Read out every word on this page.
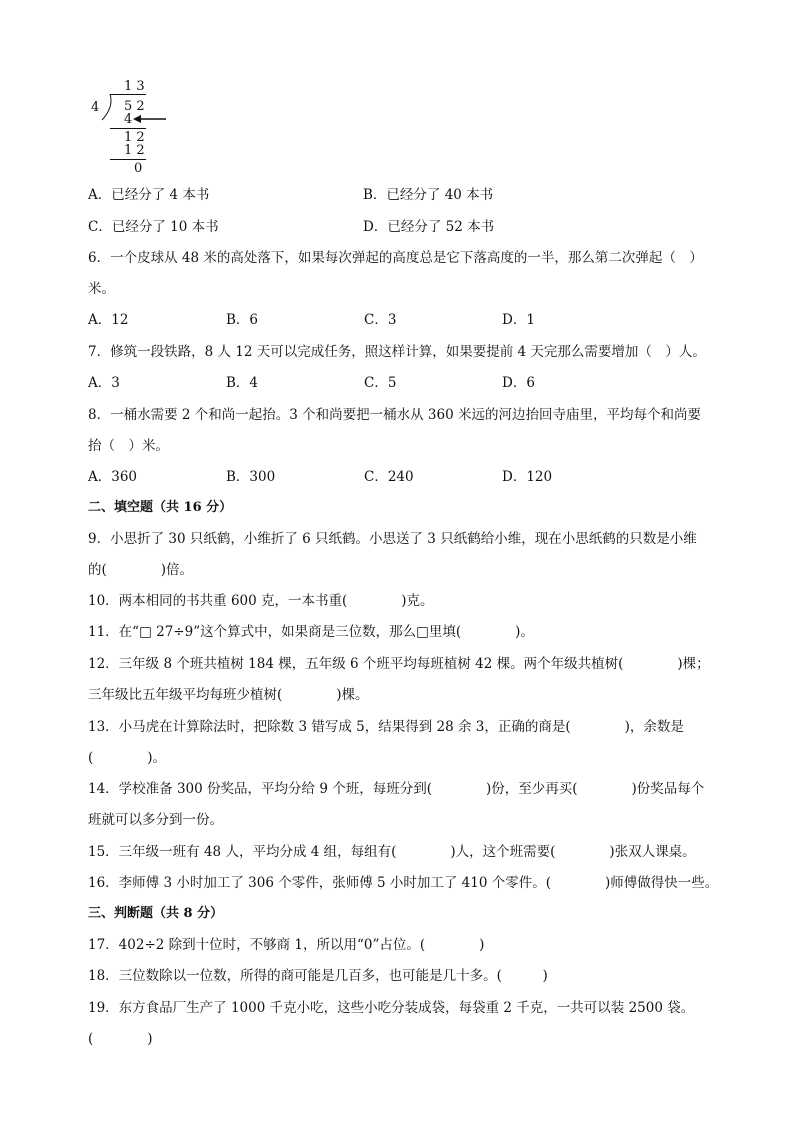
1 3
4 5 2
4
1 2
1 2
0
A．已经分了 4 本书	B．已经分了 40 本书
C．已经分了 10 本书	D．已经分了 52 本书
6．一个皮球从 48 米的高处落下，如果每次弹起的高度总是它下落高度的一半，那么第二次弹起（　）
米。
A．12	B．6	C．3	D．1
7．修筑一段铁路，8 人 12 天可以完成任务，照这样计算，如果要提前 4 天完那么需要增加（　）人。
A．3	B．4	C．5	D．6
8．一桶水需要 2 个和尚一起抬。3 个和尚要把一桶水从 360 米远的河边抬回寺庙里，平均每个和尚要
抬（　）米。
A．360	B．300	C．240	D．120
二、填空题（共 16 分）
9．小思折了 30 只纸鹤，小维折了 6 只纸鹤。小思送了 3 只纸鹤给小维，现在小思纸鹤的只数是小维
的(　　　　)倍。
10．两本相同的书共重 600 克，一本书重(　　　　)克。
11．在“□ 27÷9”这个算式中，如果商是三位数，那么□里填(　　　　)。
12．三年级 8 个班共植树 184 棵，五年级 6 个班平均每班植树 42 棵。两个年级共植树(　　　　)棵；
三年级比五年级平均每班少植树(　　　　)棵。
13．小马虎在计算除法时，把除数 3 错写成 5，结果得到 28 余 3，正确的商是(　　　　)，余数是
(　　　　)。
14．学校准备 300 份奖品，平均分给 9 个班，每班分到(　　　　)份，至少再买(　　　　)份奖品每个
班就可以多分到一份。
15．三年级一班有 48 人，平均分成 4 组，每组有(　　　　)人，这个班需要(　　　　)张双人课桌。
16．李师傅 3 小时加工了 306 个零件，张师傅 5 小时加工了 410 个零件。(　　　　)师傅做得快一些。
三、判断题（共 8 分）
17．402÷2 除到十位时，不够商 1，所以用“0”占位。(　　　　)
18．三位数除以一位数，所得的商可能是几百多，也可能是几十多。(　　　)
19．东方食品厂生产了 1000 千克小吃，这些小吃分装成袋，每袋重 2 千克，一共可以装 2500 袋。
(　　　　)
